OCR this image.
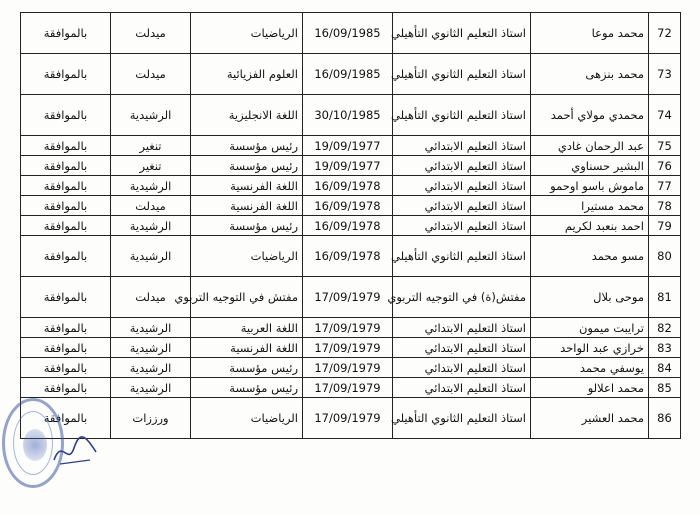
72	محمد موعا	استاذ التعليم الثانوي التأهيلي	16/09/1985	الرياضيات	ميدلت	بالموافقة
73	محمد بنزهى	استاذ التعليم الثانوي التأهيلي	16/09/1985	العلوم الفزيائية	ميدلت	بالموافقة
74	محمدي مولاي أحمد	استاذ التعليم الثانوي التأهيلي	30/10/1985	اللغة الانجليزية	الرشيدية	بالموافقة
75	عبد الرحمان غادي	استاذ التعليم الابتدائي	19/09/1977	رئيس مؤسسة	تنغير	بالموافقة
76	البشير حسناوي	استاذ التعليم الابتدائي	19/09/1977	رئيس مؤسسة	تنغير	بالموافقة
77	ماموش باسو اوحمو	استاذ التعليم الابتدائي	16/09/1978	اللغة الفرنسية	الرشيدية	بالموافقة
78	محمد مستيرا	استاذ التعليم الابتدائي	16/09/1978	اللغة الفرنسية	ميدلت	بالموافقة
79	احمد بنعبد لكريم	استاذ التعليم الابتدائي	16/09/1978	رئيس مؤسسة	الرشيدية	بالموافقة
80	مسو محمد	استاذ التعليم الثانوي التأهيلي	16/09/1978	الرياضيات	الرشيدية	بالموافقة
81	موحى بلال	مفتش(ة) في التوجيه التربوي	17/09/1979	مفتش في التوجيه التربوي	ميدلت	بالموافقة
82	ترايبت ميمون	استاذ التعليم الابتدائي	17/09/1979	اللغة العربية	الرشيدية	بالموافقة
83	خرازي عبد الواحد	استاذ التعليم الابتدائي	17/09/1979	اللغة الفرنسية	الرشيدية	بالموافقة
84	يوسفي محمد	استاذ التعليم الابتدائي	17/09/1979	رئيس مؤسسة	الرشيدية	بالموافقة
85	محمد اعلالو	استاذ التعليم الابتدائي	17/09/1979	رئيس مؤسسة	الرشيدية	بالموافقة
86	محمد العشير	استاذ التعليم الثانوي التأهيلي	17/09/1979	الرياضيات	ورززات	بالموافقة
